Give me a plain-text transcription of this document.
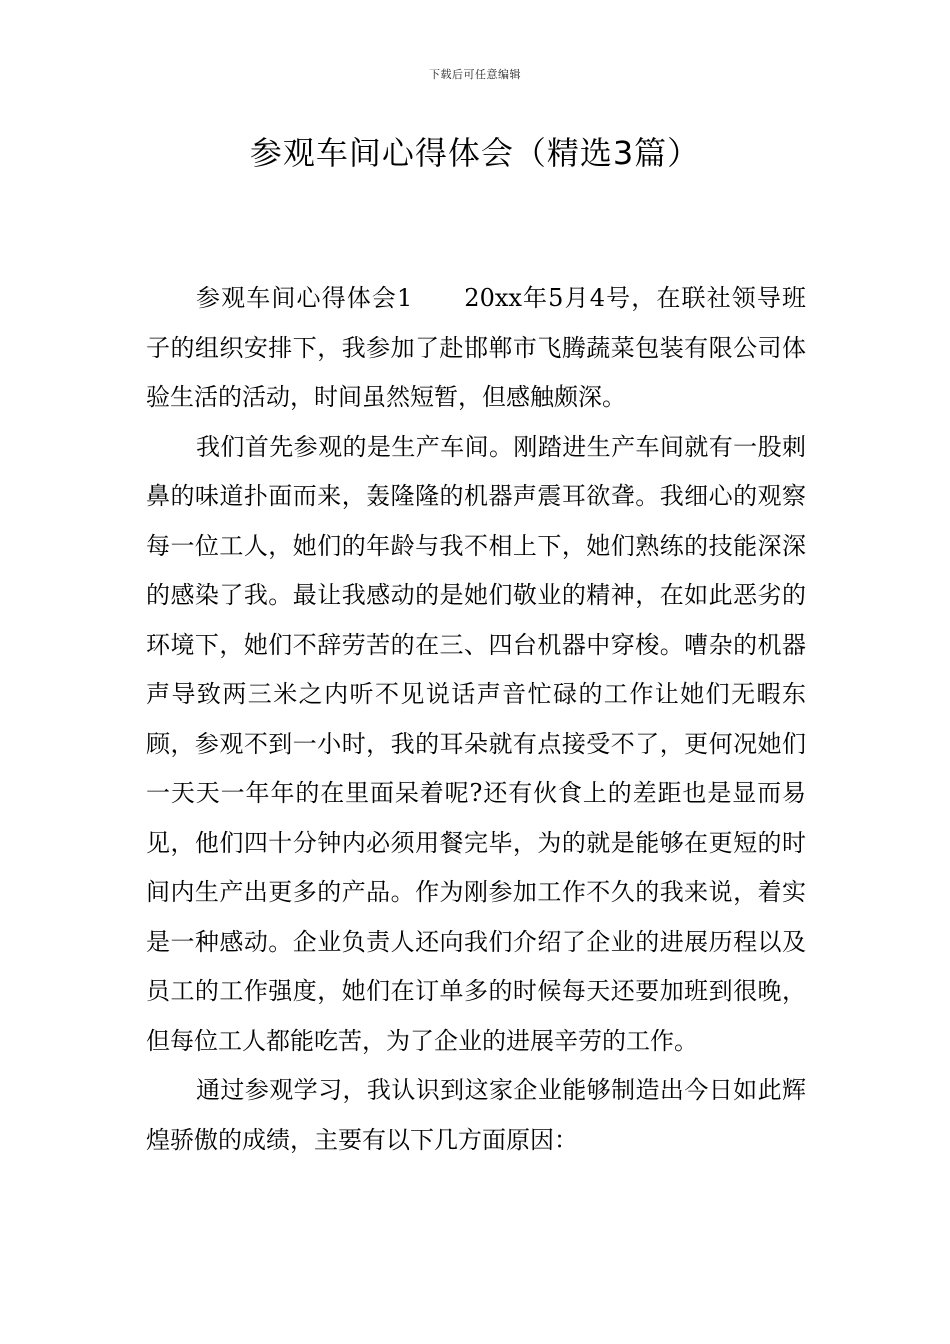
下载后可任意编辑
参观车间心得体会（精选3篇）

参观车间心得体会1 20xx年5月4号，在联社领导班子的组织安排下，我参加了赴邯郸市飞腾蔬菜包装有限公司体验生活的活动，时间虽然短暂，但感触颇深。

我们首先参观的是生产车间。刚踏进生产车间就有一股刺鼻的味道扑面而来，轰隆隆的机器声震耳欲聋。我细心的观察每一位工人，她们的年龄与我不相上下，她们熟练的技能深深的感染了我。最让我感动的是她们敬业的精神，在如此恶劣的环境下，她们不辞劳苦的在三、四台机器中穿梭。嘈杂的机器声导致两三米之内听不见说话声音忙碌的工作让她们无暇东顾，参观不到一小时，我的耳朵就有点接受不了，更何况她们一天天一年年的在里面呆着呢?还有伙食上的差距也是显而易见，他们四十分钟内必须用餐完毕，为的就是能够在更短的时间内生产出更多的产品。作为刚参加工作不久的我来说，着实是一种感动。企业负责人还向我们介绍了企业的进展历程以及员工的工作强度，她们在订单多的时候每天还要加班到很晚，但每位工人都能吃苦，为了企业的进展辛劳的工作。

通过参观学习，我认识到这家企业能够制造出今日如此辉煌骄傲的成绩，主要有以下几方面原因：
